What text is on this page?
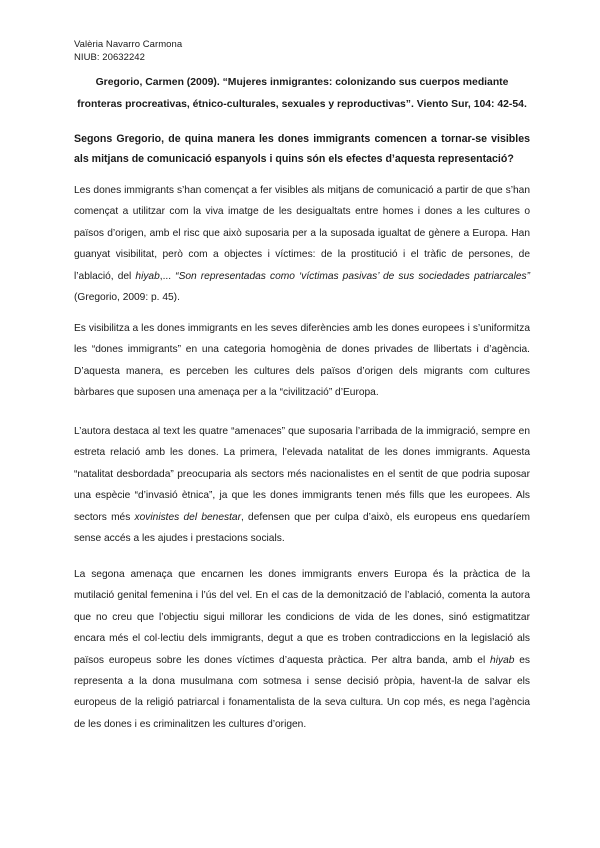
Valèria Navarro Carmona
NIUB: 20632242
Gregorio, Carmen (2009). “Mujeres inmigrantes: colonizando sus cuerpos mediante
fronteras procreativas, étnico-culturales, sexuales y reproductivas”. Viento Sur, 104: 42-54.
Segons Gregorio, de quina manera les dones immigrants comencen a tornar-se visibles als mitjans de comunicació espanyols i quins són els efectes d’aquesta representació?

Les dones immigrants s’han començat a fer visibles als mitjans de comunicació a partir de que s’han començat a utilitzar com la viva imatge de les desigualtats entre homes i dones a les cultures o països d’origen, amb el risc que això suposaria per a la suposada igualtat de gènere a Europa. Han guanyat visibilitat, però com a objectes i víctimes: de la prostitució i el tràfic de persones, de l’ablació, del hiyab,... “Son representadas como ‘víctimas pasivas’ de sus sociedades patriarcales” (Gregorio, 2009: p. 45).

Es visibilitza a les dones immigrants en les seves diferències amb les dones europees i s’uniformitza les “dones immigrants” en una categoria homogènia de dones privades de llibertats i d’agència. D’aquesta manera, es perceben les cultures dels països d’origen dels migrants com cultures bàrbares que suposen una amenaça per a la “civilització” d’Europa.

L’autora destaca al text les quatre “amenaces” que suposaria l’arribada de la immigració, sempre en estreta relació amb les dones. La primera, l’elevada natalitat de les dones immigrants. Aquesta “natalitat desbordada” preocuparia als sectors més nacionalistes en el sentit de que podria suposar una espècie “d’invasió ètnica”, ja que les dones immigrants tenen més fills que les europees. Als sectors més xovinistes del benestar, defensen que per culpa d’això, els europeus ens quedaríem sense accés a les ajudes i prestacions socials.

La segona amenaça que encarnen les dones immigrants envers Europa és la pràctica de la mutilació genital femenina i l’ús del vel. En el cas de la demonització de l’ablació, comenta la autora que no creu que l’objectiu sigui millorar les condicions de vida de les dones, sinó estigmatitzar encara més el col·lectiu dels immigrants, degut a que es troben contradiccions en la legislació als països europeus sobre les dones víctimes d’aquesta pràctica. Per altra banda, amb el hiyab es representa a la dona musulmana com sotmesa i sense decisió pròpia, havent-la de salvar els europeus de la religió patriarcal i fonamentalista de la seva cultura. Un cop més, es nega l’agència de les dones i es criminalitzen les cultures d’origen.
